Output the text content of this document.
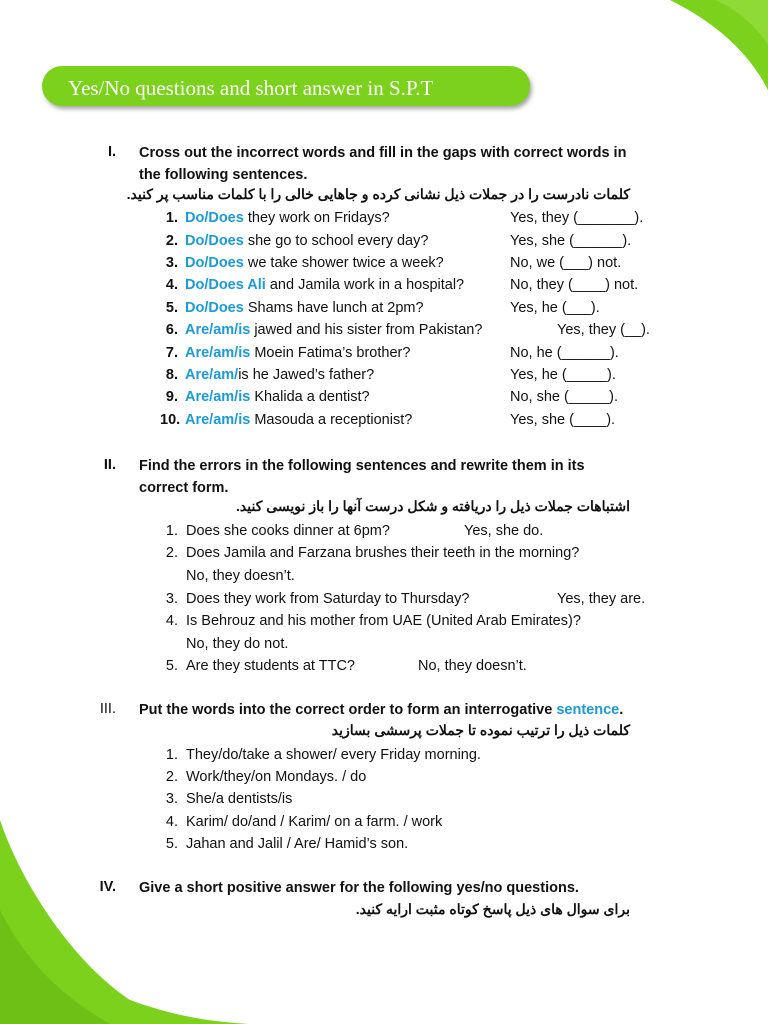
Yes/No questions and short answer in S.P.T
I. Cross out the incorrect words and fill in the gaps with correct words in
the following sentences.
کلمات نادرست را در جملات ذیل نشانی کرده و جاهایی خالی را با کلمات مناسب پر کنید.
1. Do/Does they work on Fridays?	Yes, they (_______).
2. Do/Does she go to school every day?	Yes, she (______).
3. Do/Does we take shower twice a week?	No, we (___) not.
4. Do/Does Ali and Jamila work in a hospital?	No, they (____) not.
5. Do/Does Shams have lunch at 2pm?	Yes, he (___).
6. Are/am/is jawed and his sister from Pakistan?	Yes, they (__).
7. Are/am/is Moein Fatima’s brother?	No, he (______).
8. Are/am/is he Jawed’s father?	Yes, he (_____).
9. Are/am/is Khalida a dentist?	No, she (_____).
10. Are/am/is Masouda a receptionist?	Yes, she (____).
II. Find the errors in the following sentences and rewrite them in its
correct form.
اشتباهات جملات ذیل را دریافته و شکل درست آنها را باز نویسی کنید.
1. Does she cooks dinner at 6pm?	Yes, she do.
2. Does Jamila and Farzana brushes their teeth in the morning?
No, they doesn’t.
3. Does they work from Saturday to Thursday?	Yes, they are.
4. Is Behrouz and his mother from UAE (United Arab Emirates)?
No, they do not.
5. Are they students at TTC?	No, they doesn’t.
III. Put the words into the correct order to form an interrogative sentence.
کلمات ذیل را ترتیب نموده تا جملات پرسشی بسازید
1. They/do/take a shower/ every Friday morning.
2. Work/they/on Mondays. / do
3. She/a dentists/is
4. Karim/ do/and / Karim/ on a farm. / work
5. Jahan and Jalil / Are/ Hamid’s son.
IV. Give a short positive answer for the following yes/no questions.
برای سوال های ذیل پاسخ کوتاه مثبت ارایه کنید.
